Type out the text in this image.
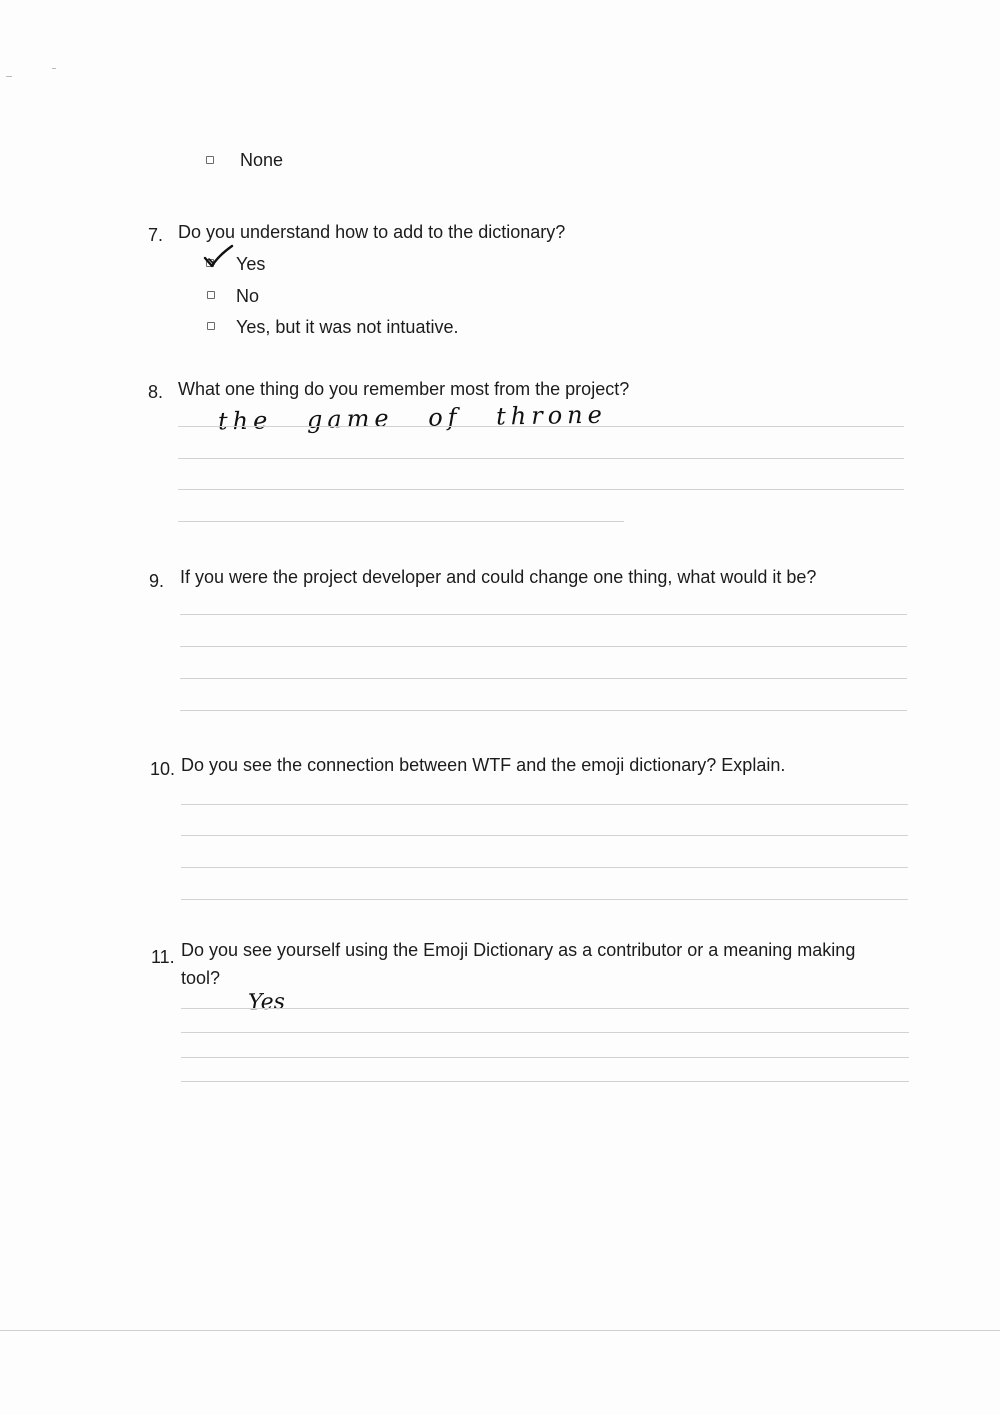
None
7. Do you understand how to add to the dictionary?
Yes
No
Yes, but it was not intuative.
8. What one thing do you remember most from the project?
the game of throne
9. If you were the project developer and could change one thing, what would it be?
10. Do you see the connection between WTF and the emoji dictionary? Explain.
11. Do you see yourself using the Emoji Dictionary as a contributor or a meaning making tool?
Yes
